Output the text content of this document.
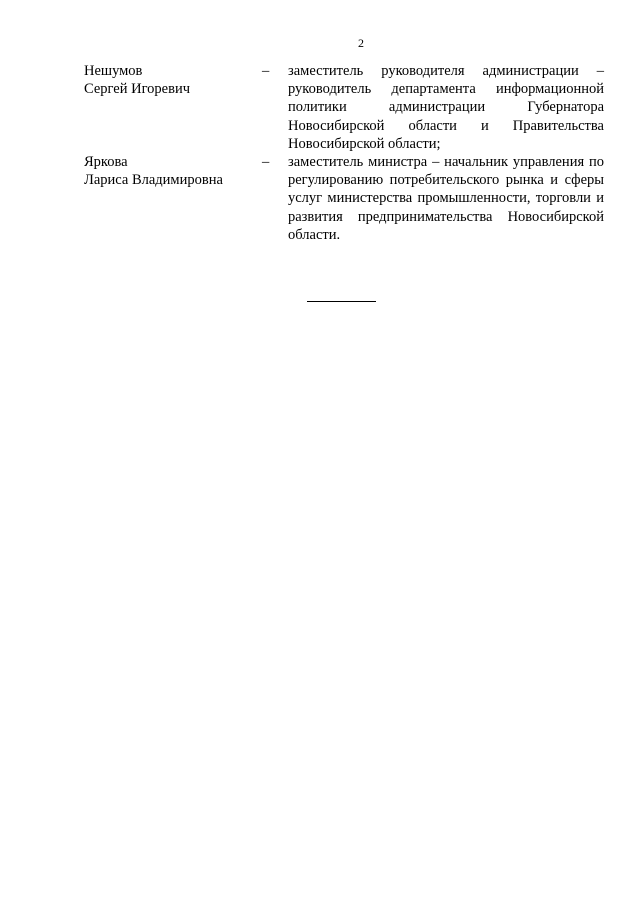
2
Нешумов
Сергей Игоревич
–	заместитель руководителя администрации – руководитель департамента информационной политики администрации Губернатора Новосибирской области и Правительства Новосибирской области;
Яркова
Лариса Владимировна
–	заместитель министра – начальник управления по регулированию потребительского рынка и сферы услуг министерства промышленности, торговли и развития предпринимательства Новосибирской области.
